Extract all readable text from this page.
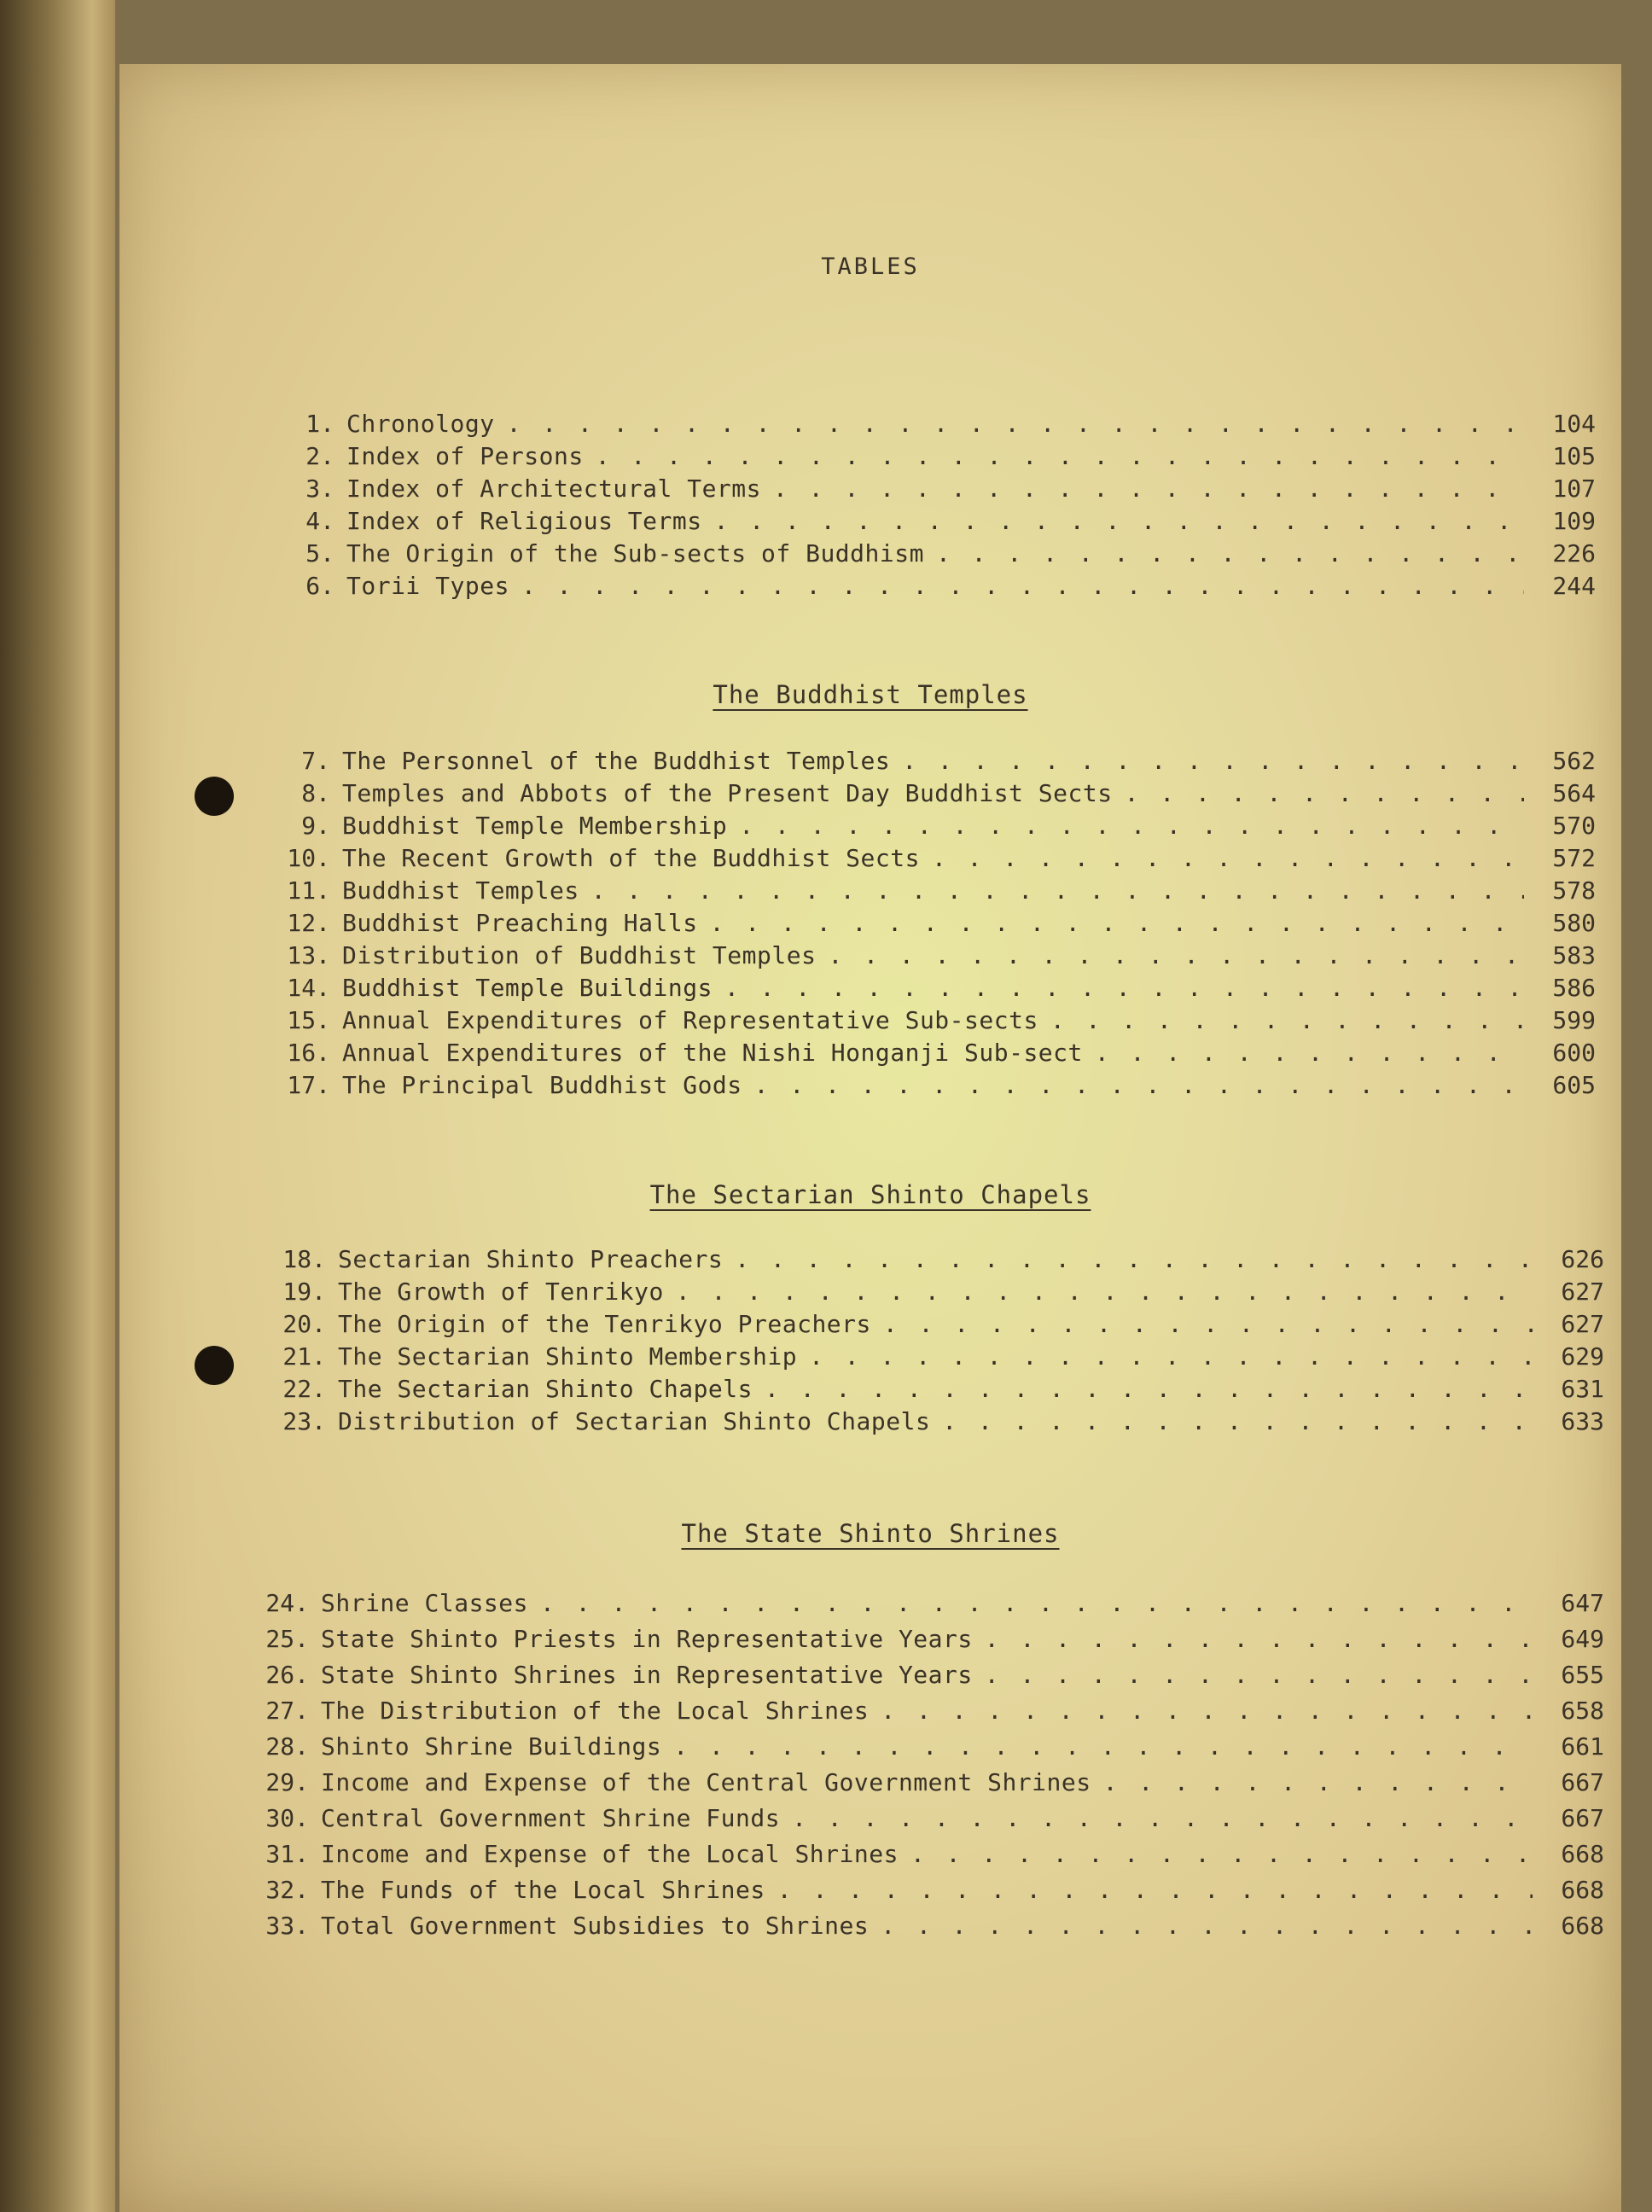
TABLES
1. Chronology . . .	104
2. Index of Persons . . .	105
3. Index of Architectural Terms . . .	107
4. Index of Religious Terms . . .	109
5. The Origin of the Sub-sects of Buddhism . . .	226
6. Torii Types . . .	244
The Buddhist Temples
7. The Personnel of the Buddhist Temples . . .	562
8. Temples and Abbots of the Present Day Buddhist Sects . . .	564
9. Buddhist Temple Membership . . .	570
10. The Recent Growth of the Buddhist Sects . . .	572
11. Buddhist Temples . . .	578
12. Buddhist Preaching Halls . . .	580
13. Distribution of Buddhist Temples . . .	583
14. Buddhist Temple Buildings . . .	586
15. Annual Expenditures of Representative Sub-sects . . .	599
16. Annual Expenditures of the Nishi Honganji Sub-sect . . .	600
17. The Principal Buddhist Gods . . .	605
The Sectarian Shinto Chapels
18. Sectarian Shinto Preachers . . .	626
19. The Growth of Tenrikyo . . .	627
20. The Origin of the Tenrikyo Preachers . . .	627
21. The Sectarian Shinto Membership . . .	629
22. The Sectarian Shinto Chapels . . .	631
23. Distribution of Sectarian Shinto Chapels . . .	633
The State Shinto Shrines
24. Shrine Classes . . .	647
25. State Shinto Priests in Representative Years . . .	649
26. State Shinto Shrines in Representative Years . . .	655
27. The Distribution of the Local Shrines . . .	658
28. Shinto Shrine Buildings . . .	661
29. Income and Expense of the Central Government Shrines . . .	667
30. Central Government Shrine Funds . . .	667
31. Income and Expense of the Local Shrines . . .	668
32. The Funds of the Local Shrines . . .	668
33. Total Government Subsidies to Shrines . . .	668
